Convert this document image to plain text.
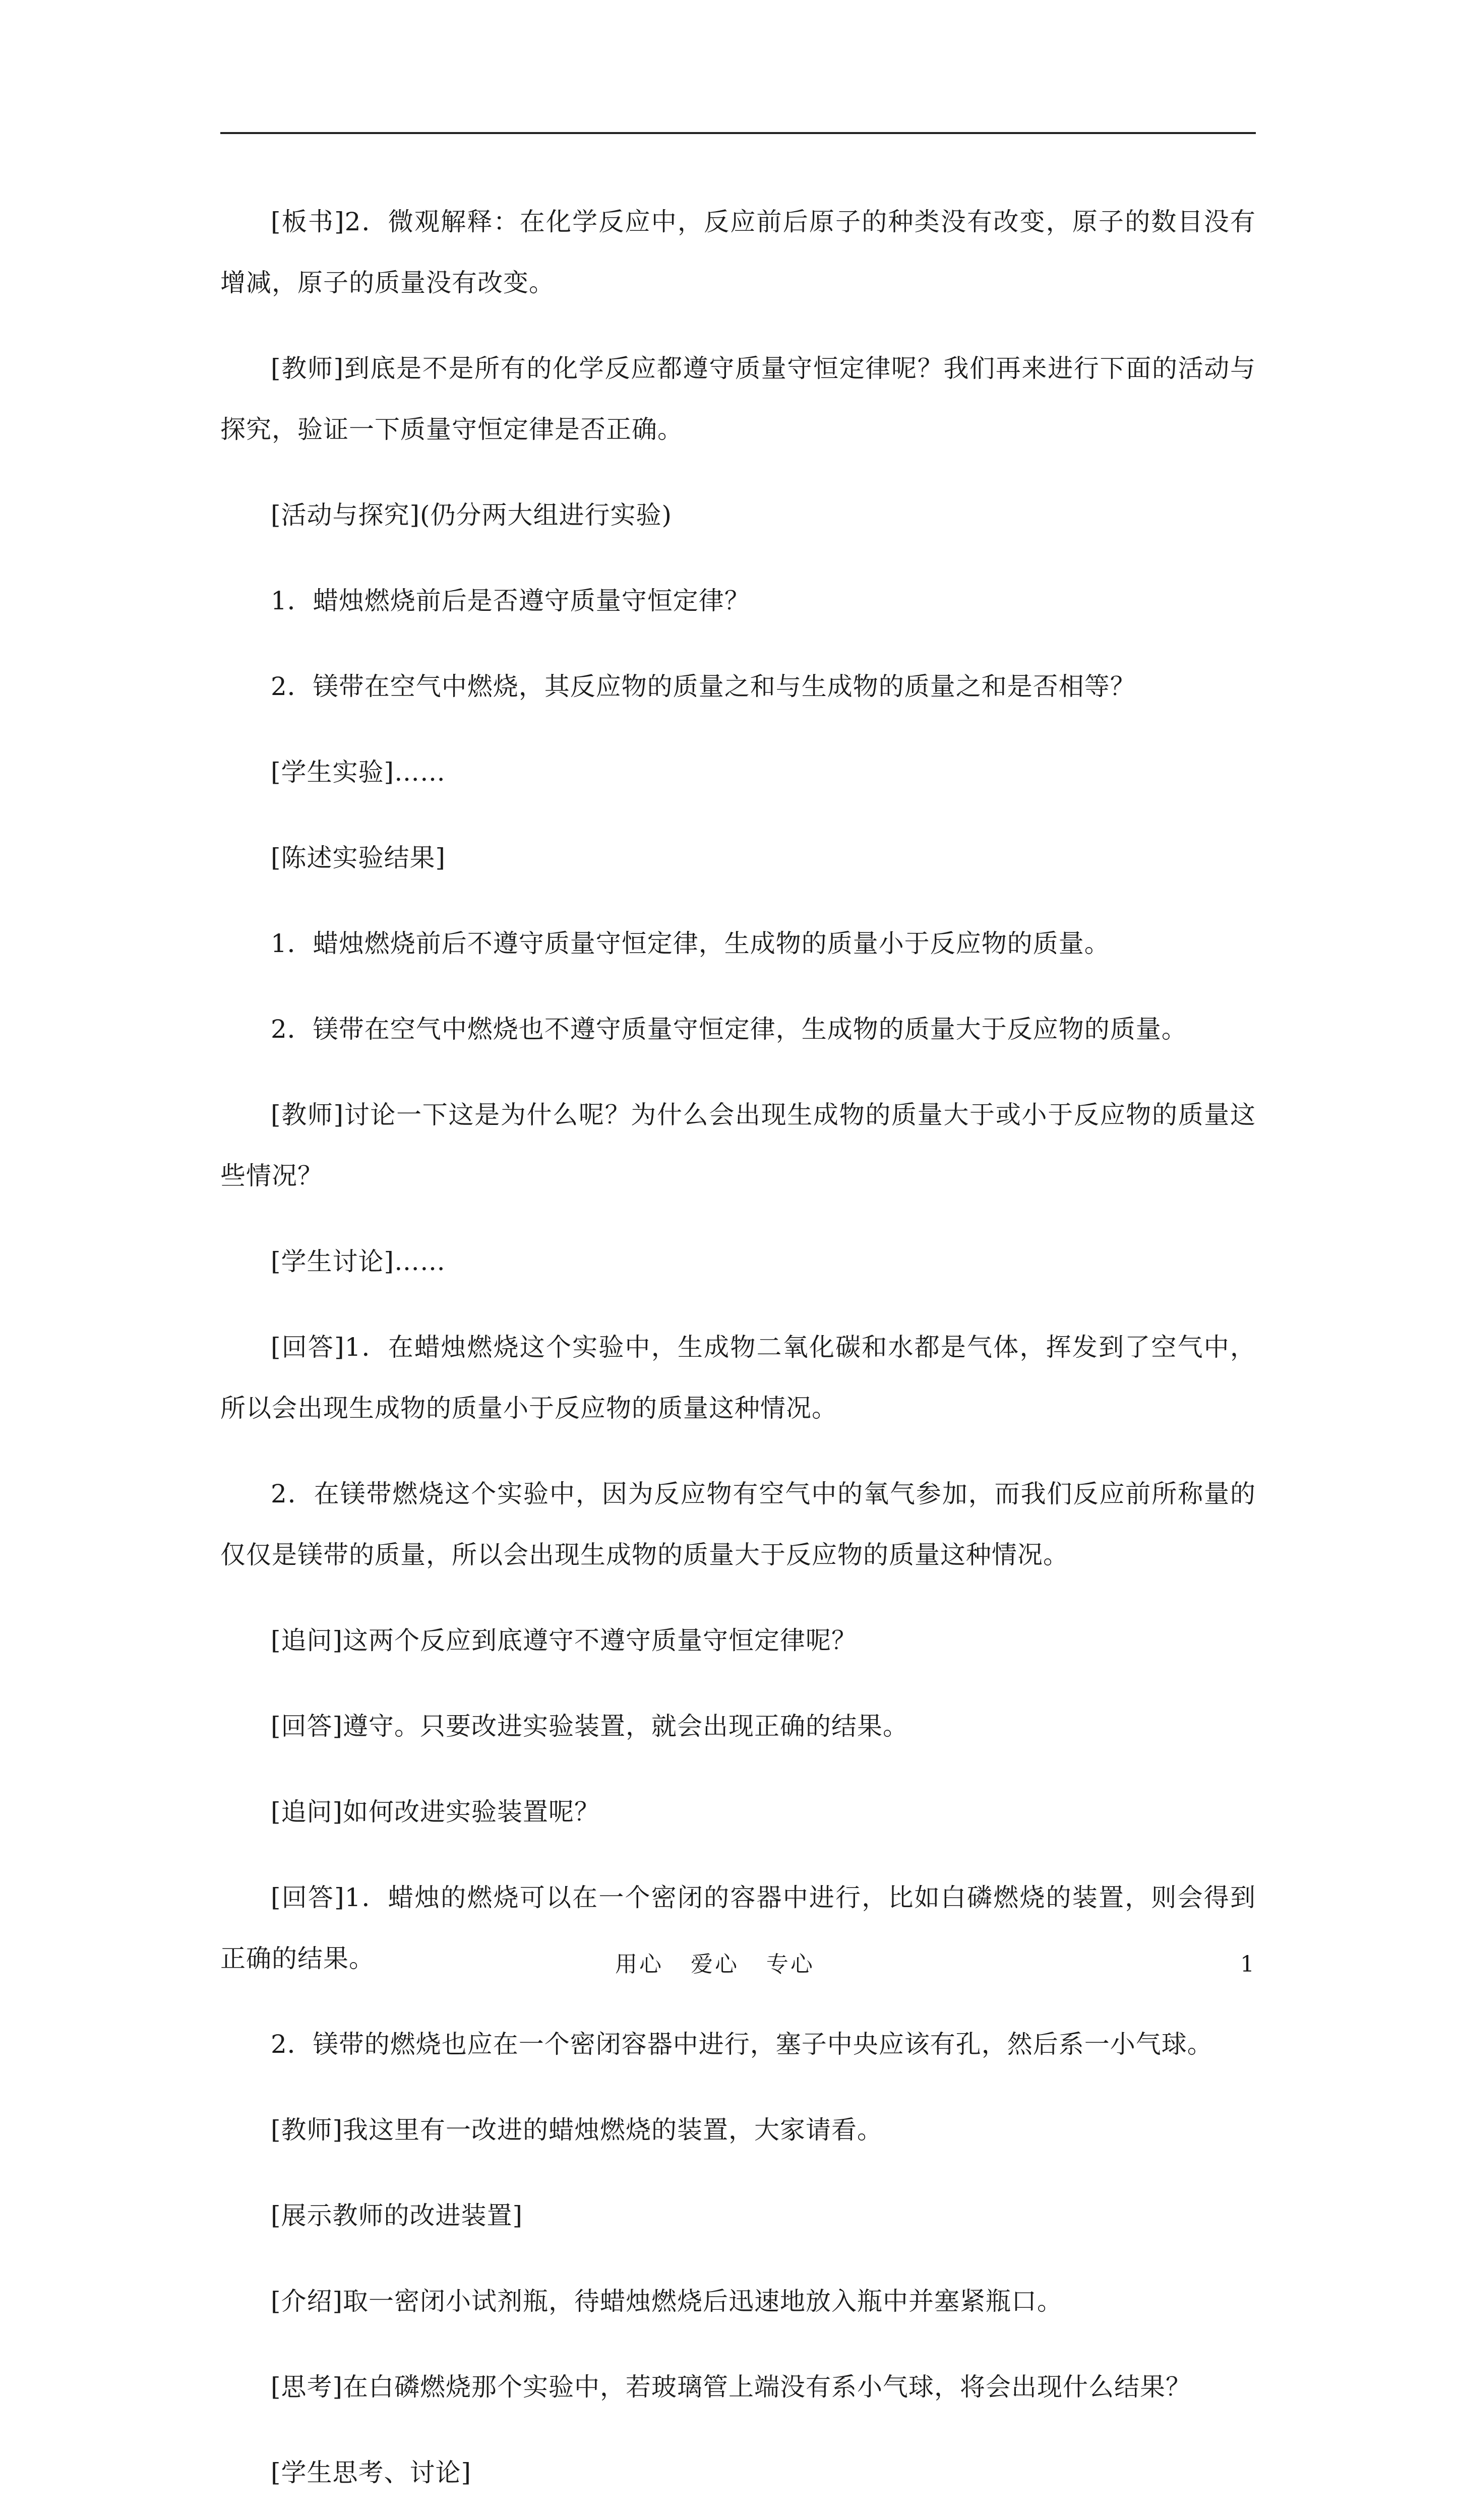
[板书]2．微观解释：在化学反应中，反应前后原子的种类没有改变，原子的数目没有增减，原子的质量没有改变。

[教师]到底是不是所有的化学反应都遵守质量守恒定律呢？我们再来进行下面的活动与探究，验证一下质量守恒定律是否正确。

[活动与探究](仍分两大组进行实验)

1．蜡烛燃烧前后是否遵守质量守恒定律？

2．镁带在空气中燃烧，其反应物的质量之和与生成物的质量之和是否相等？

[学生实验]……

[陈述实验结果]

1．蜡烛燃烧前后不遵守质量守恒定律，生成物的质量小于反应物的质量。

2．镁带在空气中燃烧也不遵守质量守恒定律，生成物的质量大于反应物的质量。

[教师]讨论一下这是为什么呢？为什么会出现生成物的质量大于或小于反应物的质量这些情况？

[学生讨论]……

[回答]1．在蜡烛燃烧这个实验中，生成物二氧化碳和水都是气体，挥发到了空气中，所以会出现生成物的质量小于反应物的质量这种情况。

2．在镁带燃烧这个实验中，因为反应物有空气中的氧气参加，而我们反应前所称量的仅仅是镁带的质量，所以会出现生成物的质量大于反应物的质量这种情况。

[追问]这两个反应到底遵守不遵守质量守恒定律呢？

[回答]遵守。只要改进实验装置，就会出现正确的结果。

[追问]如何改进实验装置呢？

[回答]1．蜡烛的燃烧可以在一个密闭的容器中进行，比如白磷燃烧的装置，则会得到正确的结果。

2．镁带的燃烧也应在一个密闭容器中进行，塞子中央应该有孔，然后系一小气球。

[教师]我这里有一改进的蜡烛燃烧的装置，大家请看。

[展示教师的改进装置]

[介绍]取一密闭小试剂瓶，待蜡烛燃烧后迅速地放入瓶中并塞紧瓶口。

[思考]在白磷燃烧那个实验中，若玻璃管上端没有系小气球，将会出现什么结果？

[学生思考、讨论]

用心   爱心   专心	1
